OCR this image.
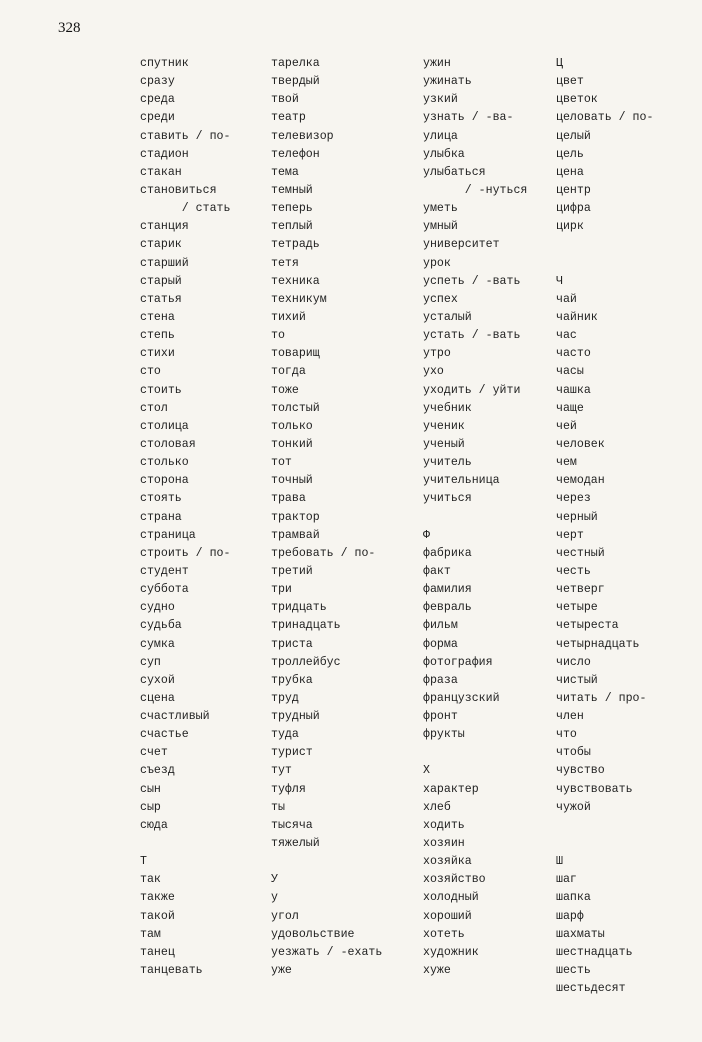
328
спутник
сразу
среда
среди
ставить / по-
стадион
стакан
становиться
/ стать
станция
старик
старший
старый
статья
стена
степь
стихи
сто
стоить
стол
столица
столовая
столько
сторона
стоять
страна
страница
строить / по-
студент
суббота
судно
судьба
сумка
суп
сухой
сцена
счастливый
счастье
счет
съезд
сын
сыр
сюда
Т
так
также
такой
там
танец
танцевать
тарелка
твердый
твой
театр
телевизор
телефон
тема
темный
теперь
теплый
тетрадь
тетя
техника
техникум
тихий
то
товарищ
тогда
тоже
толстый
только
тонкий
тот
точный
трава
трактор
трамвай
требовать / по-
третий
три
тридцать
тринадцать
триста
троллейбус
трубка
труд
трудный
туда
турист
тут
туфля
ты
тысяча
тяжелый
У
у
угол
удовольствие
уезжать / -ехать
уже
ужин
ужинать
узкий
узнать / -ва-
улица
улыбка
улыбаться
/ -нуться
уметь
умный
университет
урок
успеть / -вать
успех
усталый
устать / -вать
утро
ухо
уходить / уйти
учебник
ученик
ученый
учитель
учительница
учиться
Ф
фабрика
факт
фамилия
февраль
фильм
форма
фотография
фраза
французский
фронт
фрукты
Х
характер
хлеб
ходить
хозяин
хозяйка
хозяйство
холодный
хороший
хотеть
художник
хуже
Ц
цвет
цветок
целовать / по-
целый
цель
цена
центр
цифра
цирк
Ч
чай
чайник
час
часто
часы
чашка
чаще
чей
человек
чем
чемодан
через
черный
черт
честный
честь
четверг
четыре
четыреста
четырнадцать
число
чистый
читать / про-
член
что
чтобы
чувство
чувствовать
чужой
Ш
шаг
шапка
шарф
шахматы
шестнадцать
шесть
шестьдесят
